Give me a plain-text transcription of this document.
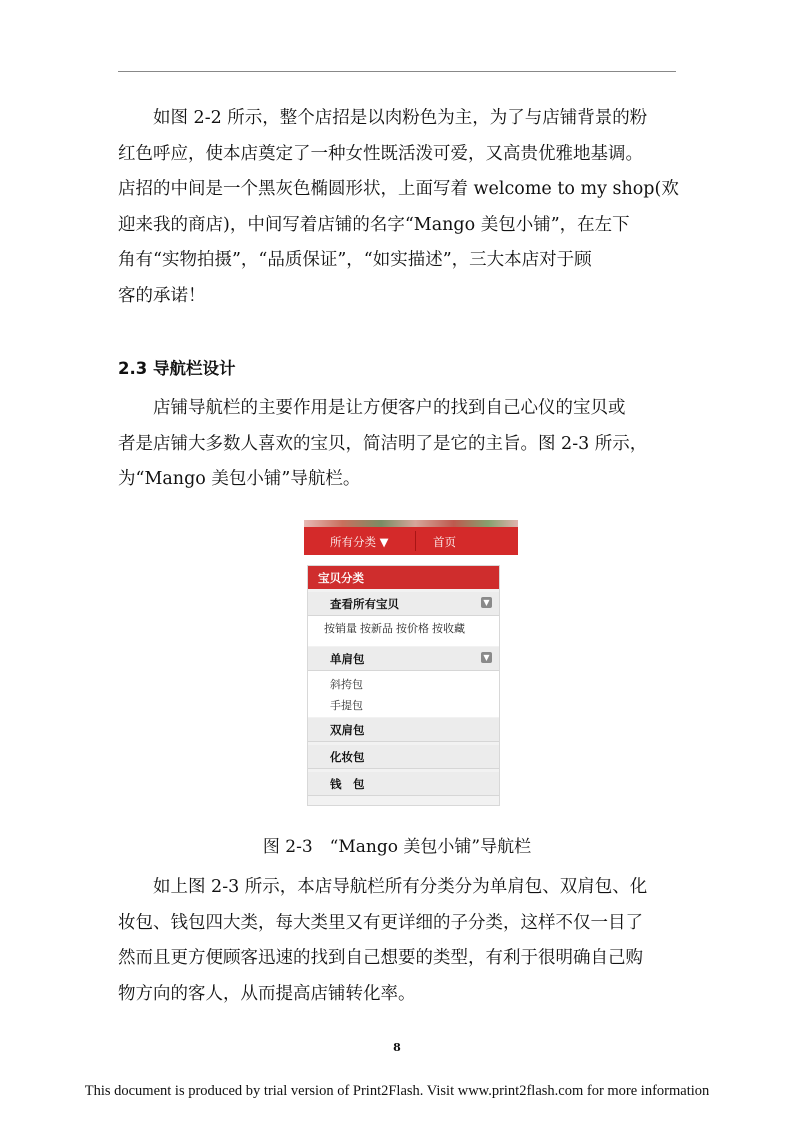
　　如图 2-2 所示，整个店招是以肉粉色为主，为了与店铺背景的粉
红色呼应，使本店奠定了一种女性既活泼可爱，又高贵优雅地基调。
店招的中间是一个黑灰色椭圆形状，上面写着 welcome to my shop(欢
迎来我的商店)，中间写着店铺的名字“Mango 美包小铺”，在左下
角有“实物拍摄”，“品质保证”，“如实描述”，三大本店对于顾
客的承诺！

2.3 导航栏设计

　　店铺导航栏的主要作用是让方便客户的找到自己心仪的宝贝或
者是店铺大多数人喜欢的宝贝，简洁明了是它的主旨。图 2-3 所示，
为“Mango 美包小铺”导航栏。

所有分类 ▼	首页
宝贝分类
查看所有宝贝	▼
按销量 按新品 按价格 按收藏
单肩包	▼
斜挎包
手提包
双肩包
化妆包
钱　包
图 2-3　“Mango 美包小铺”导航栏

　　如上图 2-3 所示，本店导航栏所有分类分为单肩包、双肩包、化
妆包、钱包四大类，每大类里又有更详细的子分类，这样不仅一目了
然而且更方便顾客迅速的找到自己想要的类型，有利于很明确自己购
物方向的客人，从而提高店铺转化率。

8
This document is produced by trial version of Print2Flash. Visit www.print2flash.com for more information
